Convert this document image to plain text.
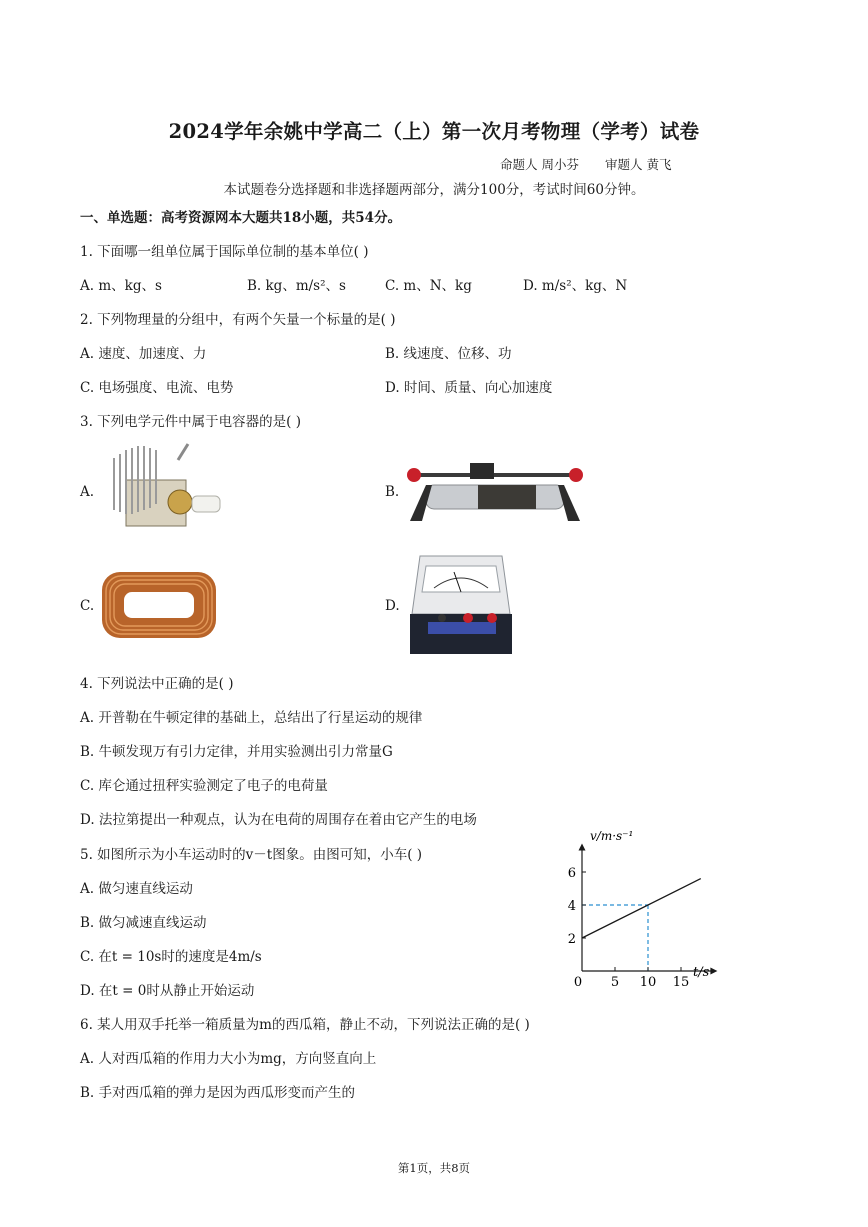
2024学年余姚中学高二（上）第一次月考物理（学考）试卷
命题人 周小芬 审题人 黄飞
本试题卷分选择题和非选择题两部分，满分100分，考试时间60分钟。
一、单选题：高考资源网本大题共18小题，共54分。
1. 下面哪一组单位属于国际单位制的基本单位( )
A. m、kg、s	B. kg、m/s²、s	C. m、N、kg	D. m/s²、kg、N
2. 下列物理量的分组中，有两个矢量一个标量的是( )
A. 速度、加速度、力	B. 线速度、位移、功
C. 电场强度、电流、电势	D. 时间、质量、向心加速度
3. 下列电学元件中属于电容器的是( )
A.	B.
C.	D.
4. 下列说法中正确的是( )
A. 开普勒在牛顿定律的基础上，总结出了行星运动的规律
B. 牛顿发现万有引力定律，并用实验测出引力常量G
C. 库仑通过扭秤实验测定了电子的电荷量
D. 法拉第提出一种观点，认为在电荷的周围存在着由它产生的电场
5. 如图所示为小车运动时的v－t图象。由图可知，小车( )
A. 做匀速直线运动
B. 做匀减速直线运动
C. 在t = 10s时的速度是4m/s
D. 在t = 0时从静止开始运动
0 5 10 15
2
4
6
v/m·s⁻¹
t/s
6. 某人用双手托举一箱质量为m的西瓜箱，静止不动，下列说法正确的是( )
A. 人对西瓜箱的作用力大小为mg，方向竖直向上
B. 手对西瓜箱的弹力是因为西瓜形变而产生的
第1页，共8页
